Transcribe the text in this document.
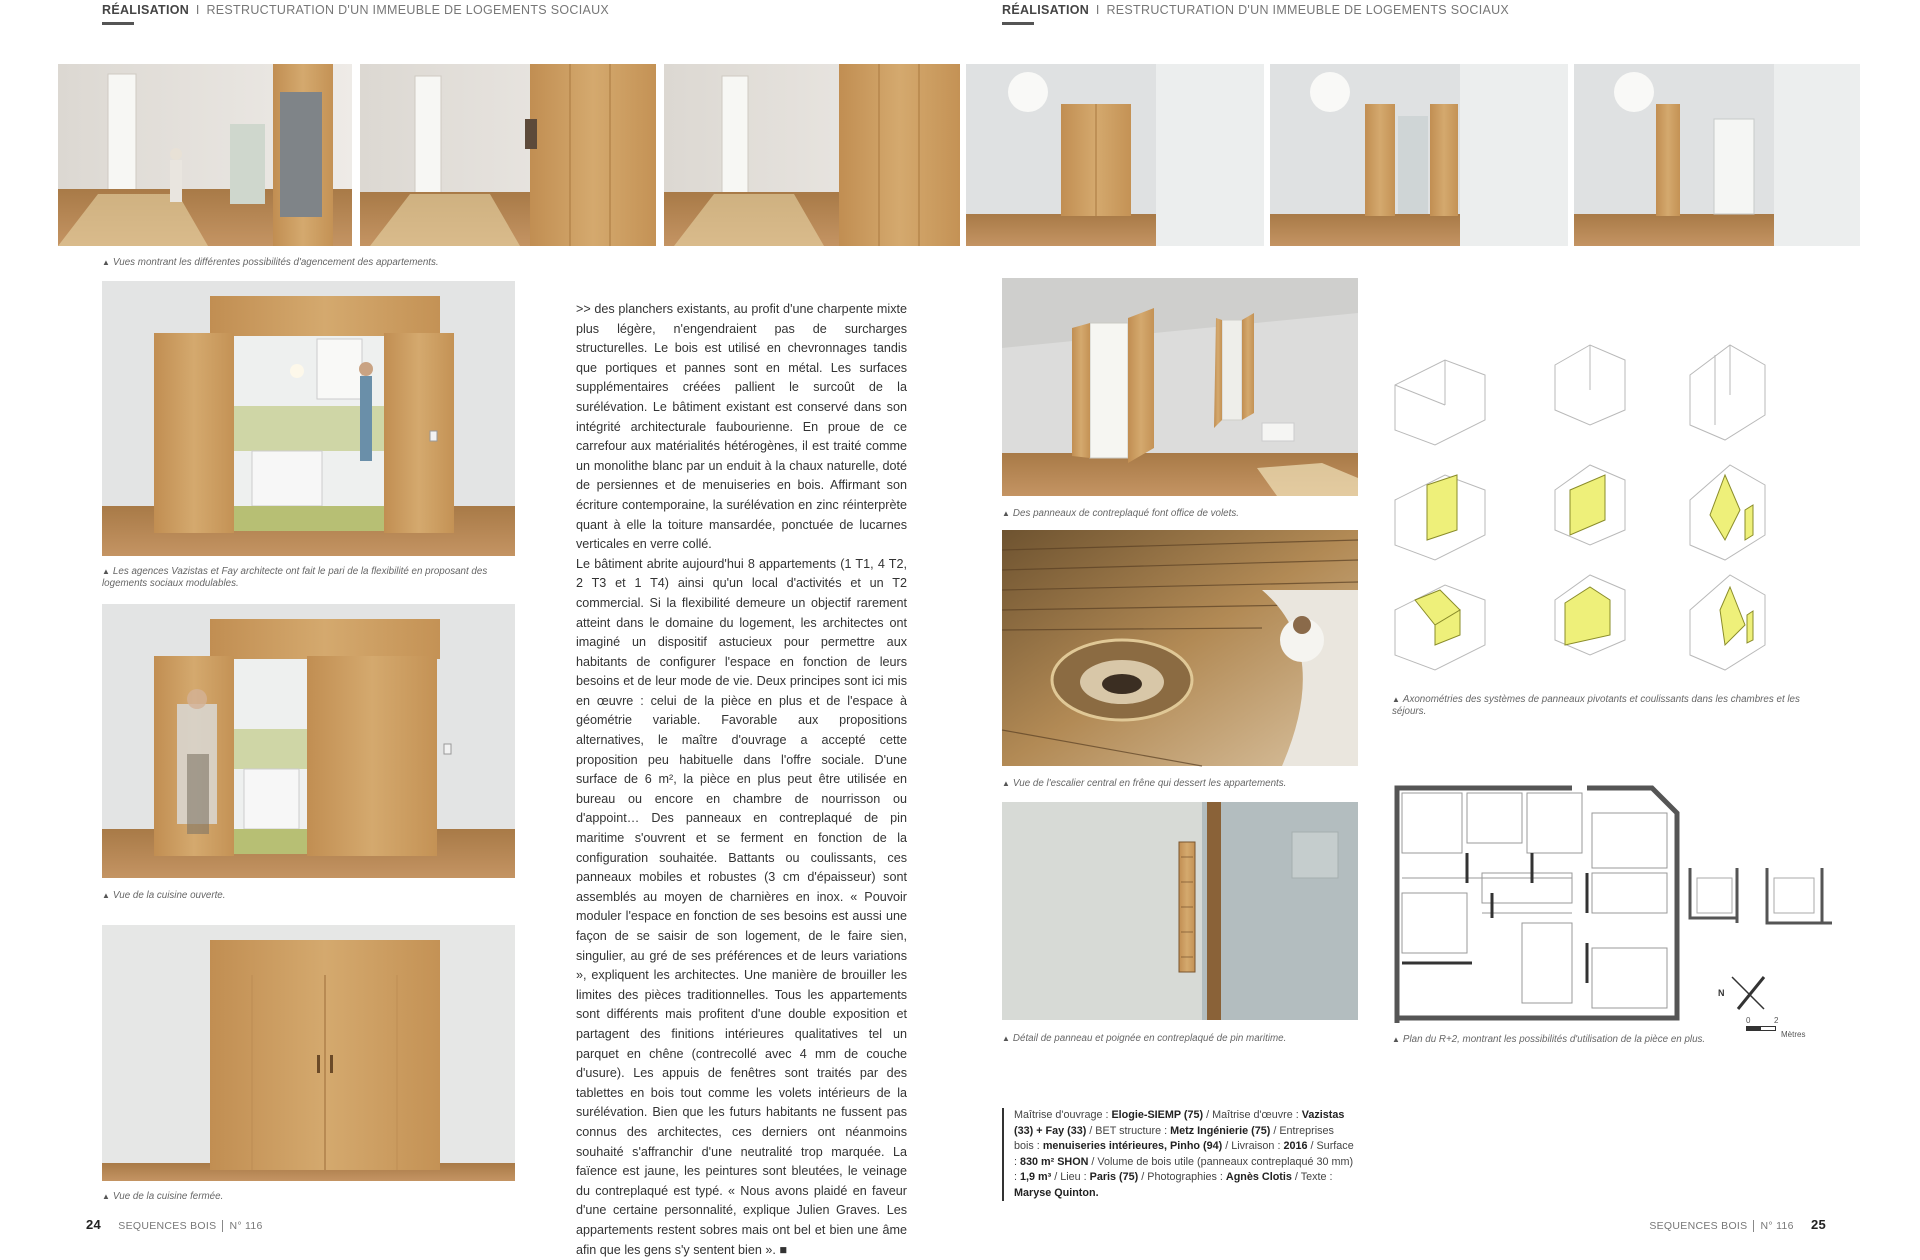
RÉALISATION I RESTRUCTURATION D'UN IMMEUBLE DE LOGEMENTS SOCIAUX	RÉALISATION I RESTRUCTURATION D'UN IMMEUBLE DE LOGEMENTS SOCIAUX
▲ Vues montrant les différentes possibilités d'agencement des appartements.
▲ Les agences Vazistas et Fay architecte ont fait le pari de la flexibilité en proposant des logements sociaux modulables.
▲ Vue de la cuisine ouverte.
▲ Vue de la cuisine fermée.

>> des planchers existants, au profit d'une charpente mixte plus légère, n'engendraient pas de surcharges structurelles. Le bois est utilisé en chevronnages tandis que portiques et pannes sont en métal. Les surfaces supplémentaires créées pallient le surcoût de la surélévation. Le bâtiment existant est conservé dans son intégrité architecturale faubourienne. En proue de ce carrefour aux matérialités hétérogènes, il est traité comme un monolithe blanc par un enduit à la chaux naturelle, doté de persiennes et de menuiseries en bois. Affirmant son écriture contemporaine, la surélévation en zinc réinterprète quant à elle la toiture mansardée, ponctuée de lucarnes verticales en verre collé.

Le bâtiment abrite aujourd'hui 8 appartements (1 T1, 4 T2, 2 T3 et 1 T4) ainsi qu'un local d'activités et un T2 commercial. Si la flexibilité demeure un objectif rarement atteint dans le domaine du logement, les architectes ont imaginé un dispositif astucieux pour permettre aux habitants de configurer l'espace en fonction de leurs besoins et de leur mode de vie. Deux principes sont ici mis en œuvre : celui de la pièce en plus et de l'espace à géométrie variable. Favorable aux propositions alternatives, le maître d'ouvrage a accepté cette proposition peu habituelle dans l'offre sociale. D'une surface de 6 m², la pièce en plus peut être utilisée en bureau ou encore en chambre de nourrisson ou d'appoint… Des panneaux en contreplaqué de pin maritime s'ouvrent et se ferment en fonction de la configuration souhaitée. Battants ou coulissants, ces panneaux mobiles et robustes (3 cm d'épaisseur) sont assemblés au moyen de charnières en inox. « Pouvoir moduler l'espace en fonction de ses besoins est aussi une façon de se saisir de son logement, de le faire sien, singulier, au gré de ses préférences et de leurs variations », expliquent les architectes. Une manière de brouiller les limites des pièces traditionnelles. Tous les appartements sont différents mais profitent d'une double exposition et partagent des finitions intérieures qualitatives tel un parquet en chêne (contrecollé avec 4 mm de couche d'usure). Les appuis de fenêtres sont traités par des tablettes en bois tout comme les volets intérieurs de la surélévation. Bien que les futurs habitants ne fussent pas connus des architectes, ces derniers ont néanmoins souhaité s'affranchir d'une neutralité trop marquée. La faïence est jaune, les peintures sont bleutées, le veinage du contreplaqué est typé. « Nous avons plaidé en faveur d'une certaine personnalité, explique Julien Graves. Les appartements restent sobres mais ont bel et bien une âme afin que les gens s'y sentent bien ». ■

▲ Des panneaux de contreplaqué font office de volets.
▲ Vue de l'escalier central en frêne qui dessert les appartements.
▲ Détail de panneau et poignée en contreplaqué de pin maritime.
Maîtrise d'ouvrage : Elogie-SIEMP (75) / Maîtrise d'œuvre : Vazistas (33) + Fay (33) / BET structure : Metz Ingénierie (75) / Entreprises bois : menuiseries intérieures, Pinho (94) / Livraison : 2016 / Surface : 830 m² SHON / Volume de bois utile (panneaux contreplaqué 30 mm) : 1,9 m³ / Lieu : Paris (75) / Photographies : Agnès Clotis / Texte : Maryse Quinton.
▲ Axonométries des systèmes de panneaux pivotants et coulissants dans les chambres et les séjours.
N
0	2
Mètres
▲ Plan du R+2, montrant les possibilités d'utilisation de la pièce en plus.
24 SEQUENCES BOIS N° 116	SEQUENCES BOIS N° 116 25
